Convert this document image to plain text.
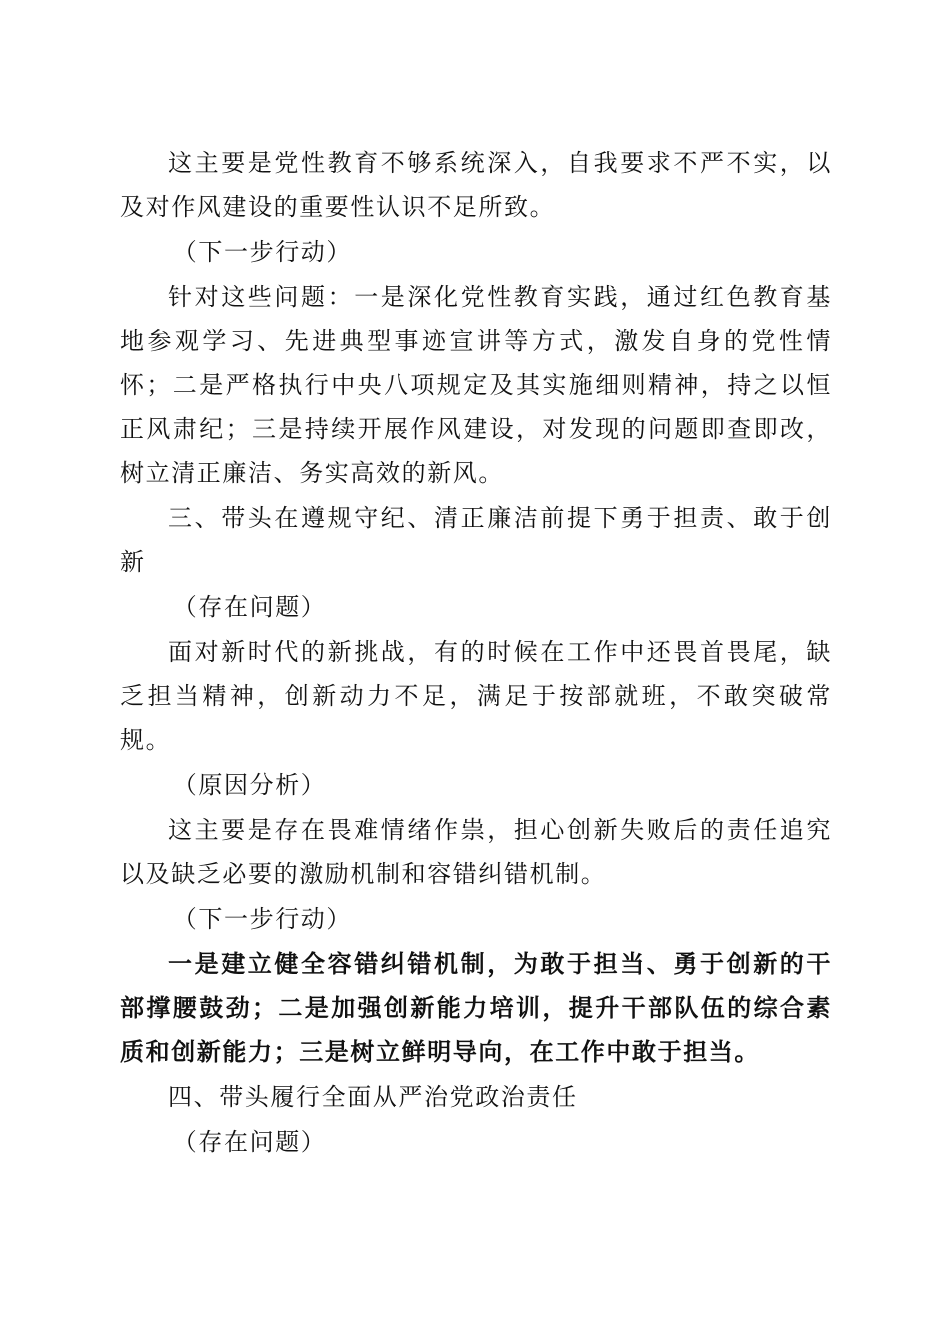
这主要是党性教育不够系统深入，自我要求不严不实，以及对作风建设的重要性认识不足所致。

（下一步行动）

针对这些问题：一是深化党性教育实践，通过红色教育基地参观学习、先进典型事迹宣讲等方式，激发自身的党性情怀；二是严格执行中央八项规定及其实施细则精神，持之以恒正风肃纪；三是持续开展作风建设，对发现的问题即查即改，树立清正廉洁、务实高效的新风。

三、带头在遵规守纪、清正廉洁前提下勇于担责、敢于创新

（存在问题）

面对新时代的新挑战，有的时候在工作中还畏首畏尾，缺乏担当精神，创新动力不足，满足于按部就班，不敢突破常规。

（原因分析）

这主要是存在畏难情绪作祟，担心创新失败后的责任追究以及缺乏必要的激励机制和容错纠错机制。

（下一步行动）

一是建立健全容错纠错机制，为敢于担当、勇于创新的干部撑腰鼓劲；二是加强创新能力培训，提升干部队伍的综合素质和创新能力；三是树立鲜明导向，在工作中敢于担当。

四、带头履行全面从严治党政治责任

（存在问题）
